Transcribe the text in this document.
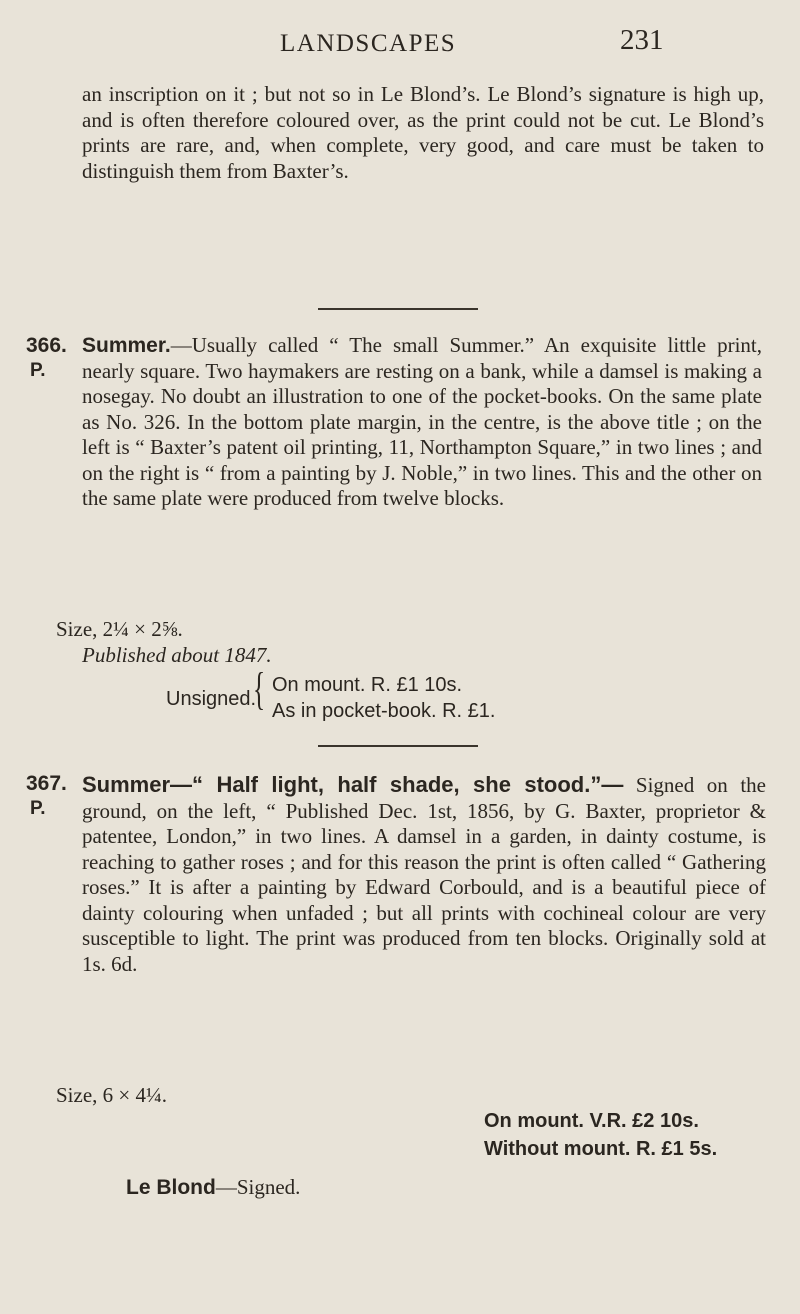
LANDSCAPES	231

an inscription on it ; but not so in Le Blond’s. Le Blond’s signature is high up, and is often therefore coloured over, as the print could not be cut. Le Blond’s prints are rare, and, when complete, very good, and care must be taken to distinguish them from Baxter’s.

366.
P.

Summer.—Usually called “ The small Summer.” An exquisite little print, nearly square. Two haymakers are resting on a bank, while a damsel is making a nosegay. No doubt an illustration to one of the pocket-books. On the same plate as No. 326. In the bottom plate margin, in the centre, is the above title ; on the left is “ Baxter’s patent oil printing, 11, Northampton Square,” in two lines ; and on the right is “ from a painting by J. Noble,” in two lines. This and the other on the same plate were produced from twelve blocks.

Size, 2¼ × 2⅝.
Published about 1847.
Unsigned.
{ On mount. R. £1 10s.
As in pocket-book. R. £1.
367.
P.

Summer—“ Half light, half shade, she stood.”— Signed on the ground, on the left, “ Published Dec. 1st, 1856, by G. Baxter, proprietor & patentee, London,” in two lines. A damsel in a garden, in dainty costume, is reaching to gather roses ; and for this reason the print is often called “ Gathering roses.” It is after a painting by Edward Corbould, and is a beautiful piece of dainty colouring when unfaded ; but all prints with cochineal colour are very susceptible to light. The print was produced from ten blocks. Originally sold at 1s. 6d.

Size, 6 × 4¼.
On mount. V.R. £2 10s.
Without mount. R. £1 5s.
Le Blond—Signed.
